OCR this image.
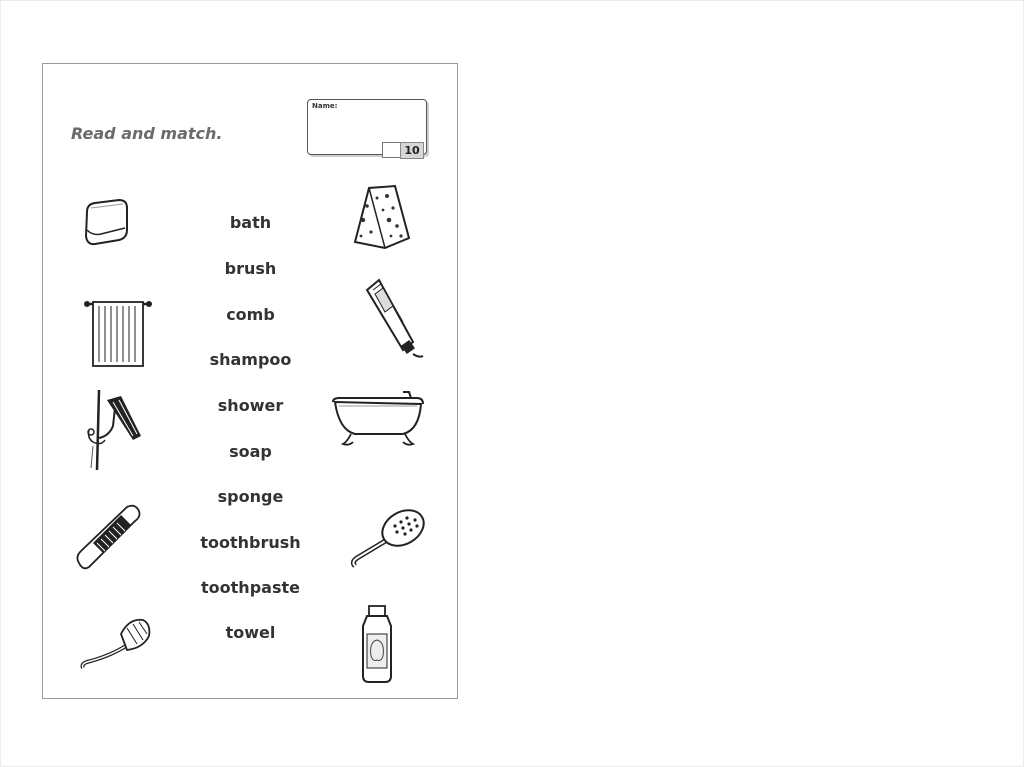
Read and match.
Name:
10
bath
brush
comb
shampoo
shower
soap
sponge
toothbrush
toothpaste
towel
